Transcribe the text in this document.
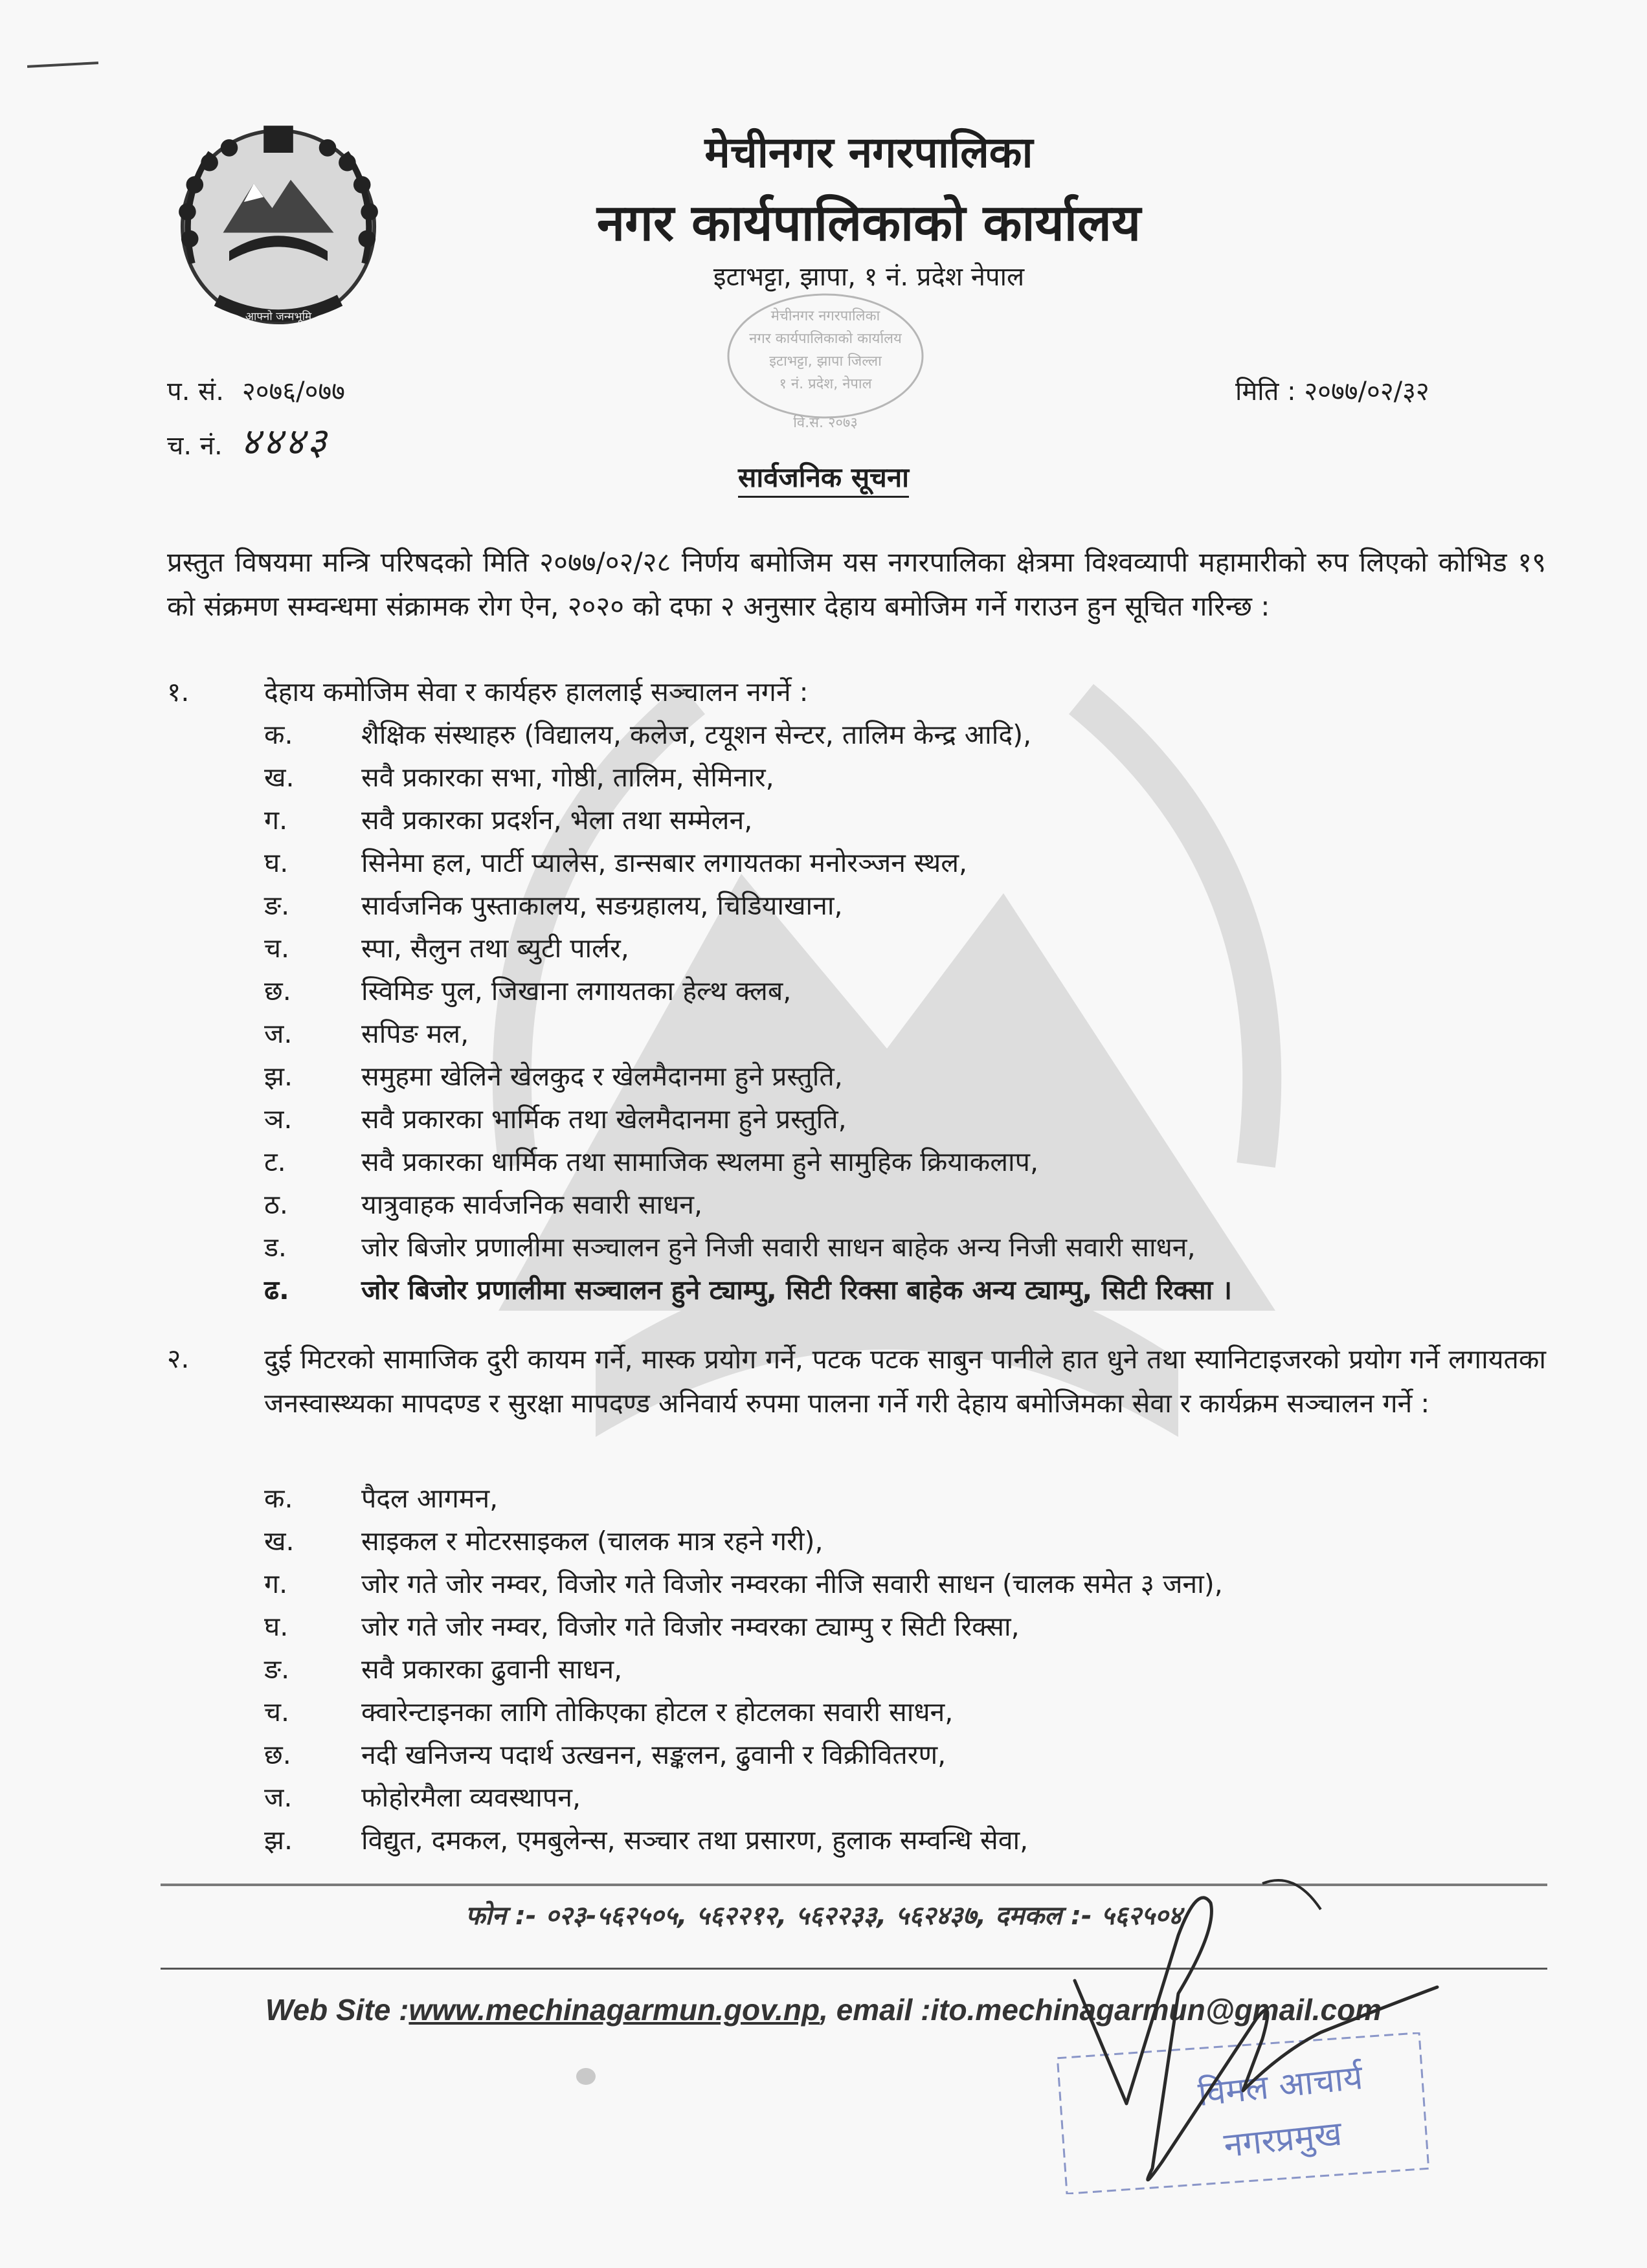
आफ्नो जन्मभूमि
मेचीनगर नगरपालिका
नगर कार्यपालिकाको कार्यालय
इटाभट्टा, झापा, १ नं. प्रदेश नेपाल
मेचीनगर नगरपालिका
नगर कार्यपालिकाको कार्यालय
इटाभट्टा, झापा जिल्ला
१ नं. प्रदेश, नेपाल
वि.स. २०७३
प. सं. २०७६/०७७
च. नं. ४४४३
मिति : २०७७/०२/३२
सार्वजनिक सूचना
प्रस्तुत विषयमा मन्त्रि परिषदको मिति २०७७/०२/२८ निर्णय बमोजिम यस नगरपालिका क्षेत्रमा विश्वव्यापी महामारीको रुप लिएको कोभिड १९ को संक्रमण सम्वन्धमा संक्रामक रोग ऐन, २०२० को दफा २ अनुसार देहाय बमोजिम गर्ने गराउन हुन सूचित गरिन्छ :
१.	देहाय कमोजिम सेवा र कार्यहरु हाललाई सञ्चालन नगर्ने :
क.	शैक्षिक संस्थाहरु (विद्यालय, कलेज, टयूशन सेन्टर, तालिम केन्द्र आदि),
ख.	सवै प्रकारका सभा, गोष्ठी, तालिम, सेमिनार,
ग.	सवै प्रकारका प्रदर्शन, भेला तथा सम्मेलन,
घ.	सिनेमा हल, पार्टी प्यालेस, डान्सबार लगायतका मनोरञ्जन स्थल,
ङ.	सार्वजनिक पुस्ताकालय, सङग्रहालय, चिडियाखाना,
च.	स्पा, सैलुन तथा ब्युटी पार्लर,
छ.	स्विमिङ पुल, जिखाना लगायतका हेल्थ क्लब,
ज.	सपिङ मल,
झ.	समुहमा खेलिने खेलकुद र खेलमैदानमा हुने प्रस्तुति,
ञ.	सवै प्रकारका भार्मिक तथा खेलमैदानमा हुने प्रस्तुति,
ट.	सवै प्रकारका धार्मिक तथा सामाजिक स्थलमा हुने सामुहिक क्रियाकलाप,
ठ.	यात्रुवाहक सार्वजनिक सवारी साधन,
ड.	जोर बिजोर प्रणालीमा सञ्चालन हुने निजी सवारी साधन बाहेक अन्य निजी सवारी साधन,
ढ.	जोर बिजोर प्रणालीमा सञ्चालन हुने ट्याम्पु, सिटी रिक्सा बाहेक अन्य ट्याम्पु, सिटी रिक्सा ।
२.	दुई मिटरको सामाजिक दुरी कायम गर्ने, मास्क प्रयोग गर्ने, पटक पटक साबुन पानीले हात धुने तथा स्यानिटाइजरको प्रयोग गर्ने लगायतका जनस्वास्थ्यका मापदण्ड र सुरक्षा मापदण्ड अनिवार्य रुपमा पालना गर्ने गरी देहाय बमोजिमका सेवा र कार्यक्रम सञ्चालन गर्ने :
क.	पैदल आगमन,
ख.	साइकल र मोटरसाइकल (चालक मात्र रहने गरी),
ग.	जोर गते जोर नम्वर, विजोर गते विजोर नम्वरका नीजि सवारी साधन (चालक समेत ३ जना),
घ.	जोर गते जोर नम्वर, विजोर गते विजोर नम्वरका ट्याम्पु र सिटी रिक्सा,
ङ.	सवै प्रकारका ढुवानी साधन,
च.	क्वारेन्टाइनका लागि तोकिएका होटल र होटलका सवारी साधन,
छ.	नदी खनिजन्य पदार्थ उत्खनन, सङ्कलन, ढुवानी र विक्रीवितरण,
ज.	फोहोरमैला व्यवस्थापन,
झ.	विद्युत, दमकल, एमबुलेन्स, सञ्चार तथा प्रसारण, हुलाक सम्वन्धि सेवा,
फोन :- ०२३-५६२५०५, ५६२२१२, ५६२२३३, ५६२४३७, दमकल :- ५६२५०४
Web Site :www.mechinagarmun.gov.np, email :ito.mechinagarmun@gmail.com
विमल आचार्य
नगरप्रमुख
